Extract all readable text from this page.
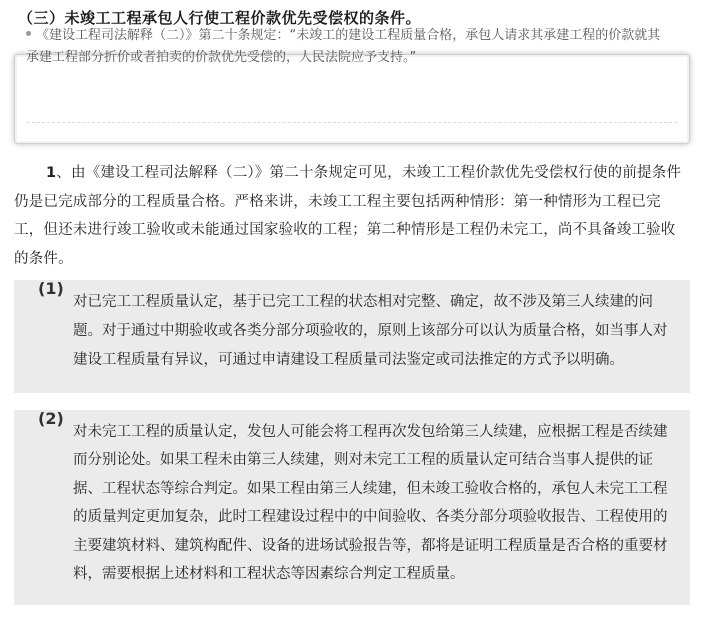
（三）未竣工工程承包人行使工程价款优先受偿权的条件。
《建设工程司法解释（二）》第二十条规定：“未竣工的建设工程质量合格，承包人请求其承建工程的价款就其承建工程部分折价或者拍卖的价款优先受偿的，人民法院应予支持。”
1、由《建设工程司法解释（二）》第二十条规定可见，未竣工工程价款优先受偿权行使的前提条件仍是已完成部分的工程质量合格。严格来讲，未竣工工程主要包括两种情形：第一种情形为工程已完工，但还未进行竣工验收或未能通过国家验收的工程；第二种情形是工程仍未完工，尚不具备竣工验收的条件。
(1)
对已完工工程质量认定，基于已完工工程的状态相对完整、确定，故不涉及第三人续建的问题。对于通过中期验收或各类分部分项验收的，原则上该部分可以认为质量合格，如当事人对建设工程质量有异议，可通过申请建设工程质量司法鉴定或司法推定的方式予以明确。
(2)
对未完工工程的质量认定，发包人可能会将工程再次发包给第三人续建，应根据工程是否续建而分别论处。如果工程未由第三人续建，则对未完工工程的质量认定可结合当事人提供的证据、工程状态等综合判定。如果工程由第三人续建，但未竣工验收合格的，承包人未完工工程的质量判定更加复杂，此时工程建设过程中的中间验收、各类分部分项验收报告、工程使用的主要建筑材料、建筑构配件、设备的进场试验报告等，都将是证明工程质量是否合格的重要材料，需要根据上述材料和工程状态等因素综合判定工程质量。
